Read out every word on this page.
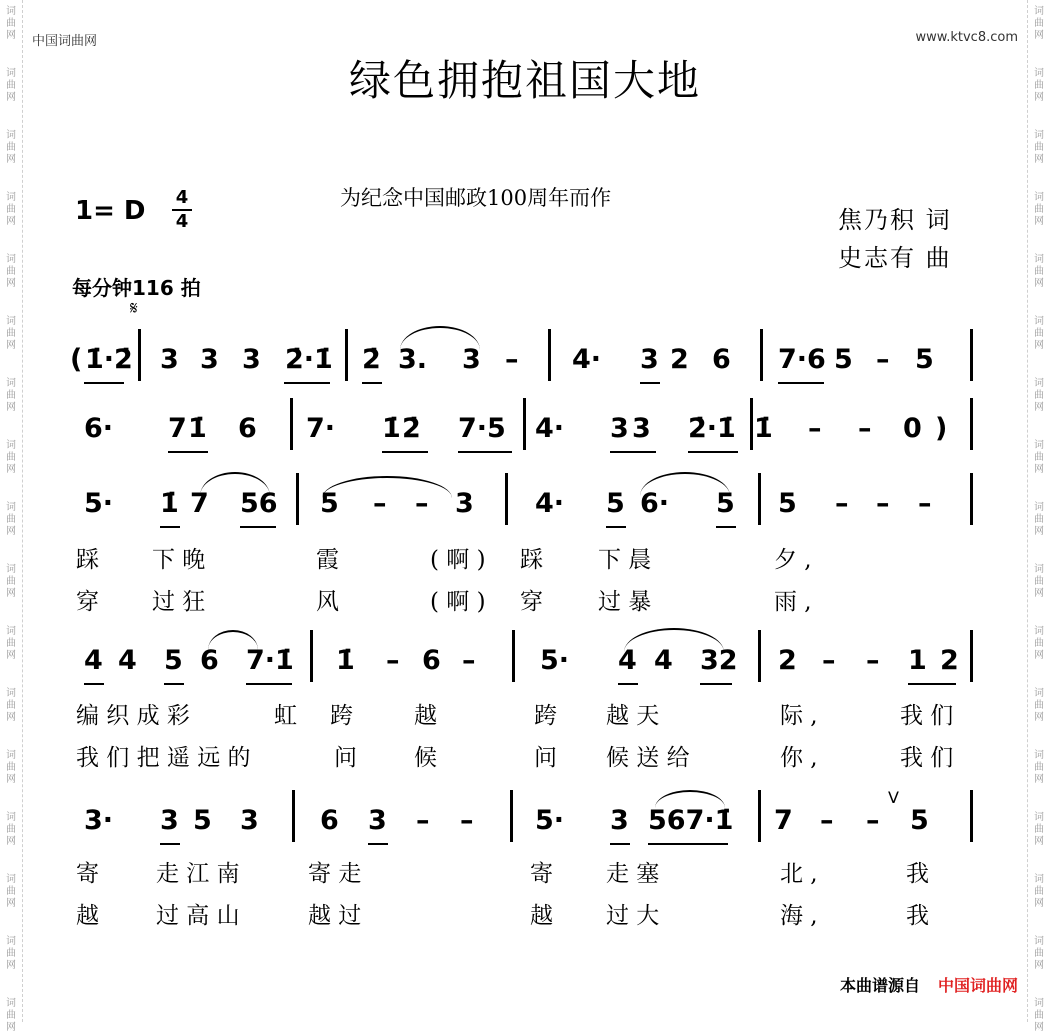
词
曲
网
词
曲
网
词
曲
网
词
曲
网
词
曲
网
词
曲
网
词
曲
网
词
曲
网
词
曲
网
词
曲
网
词
曲
网
词
曲
网
词
曲
网
词
曲
网
词
曲
网
词
曲
网
词
曲
网
词
曲
网
词
曲
网
词
曲
网
词
曲
网
词
曲
网
词
曲
网
词
曲
网
词
曲
网
词
曲
网
词
曲
网
词
曲
网
词
曲
网
词
曲
网
词
曲
网
词
曲
网
词
曲
网
词
曲
网
中国词曲网	www.ktvc8.com
绿色拥抱祖国大地
为纪念中国邮政100周年而作
1= D 4
4	焦乃积 词
史志有 曲
每分钟116 拍
𝄋
( 1̇·2̇ 3 3 3 2̇·1̇ 2̇ 3. 3 – 4· 3 2 6 7·6 5 – 5
6· 7 1̇ 6 7· 1̇ 2̇ 7·5 4· 3 3 2̇·1̇ 1̇ – – 0 )
5· 1̇ 7 56 5 – – 3 4· 5 6· 5 5 – – –
4 4 5 6 7·1̇ 1̇ – 6 – 5· 4 4 32 2 – – 1 2
3· 3 5 3 6 3 – – 5· 3 567·1̇ 7 – – 5
踩 下 晚	霞	( 啊 ) 踩 下 晨	夕 ,
穿 过 狂	风	( 啊 ) 穿 过 暴	雨 ,
编 织 成 彩	虹 跨	越	跨 越 天	际 ,	我 们
我 们 把 遥 远 的	问 候	问 候 送 给	你 ,	我 们
寄 走 江 南	寄 走	寄 走 塞	北 ,	我
越 过 高 山	越 过	越 过 大	海 ,	我
V
本曲谱源自 中国词曲网
